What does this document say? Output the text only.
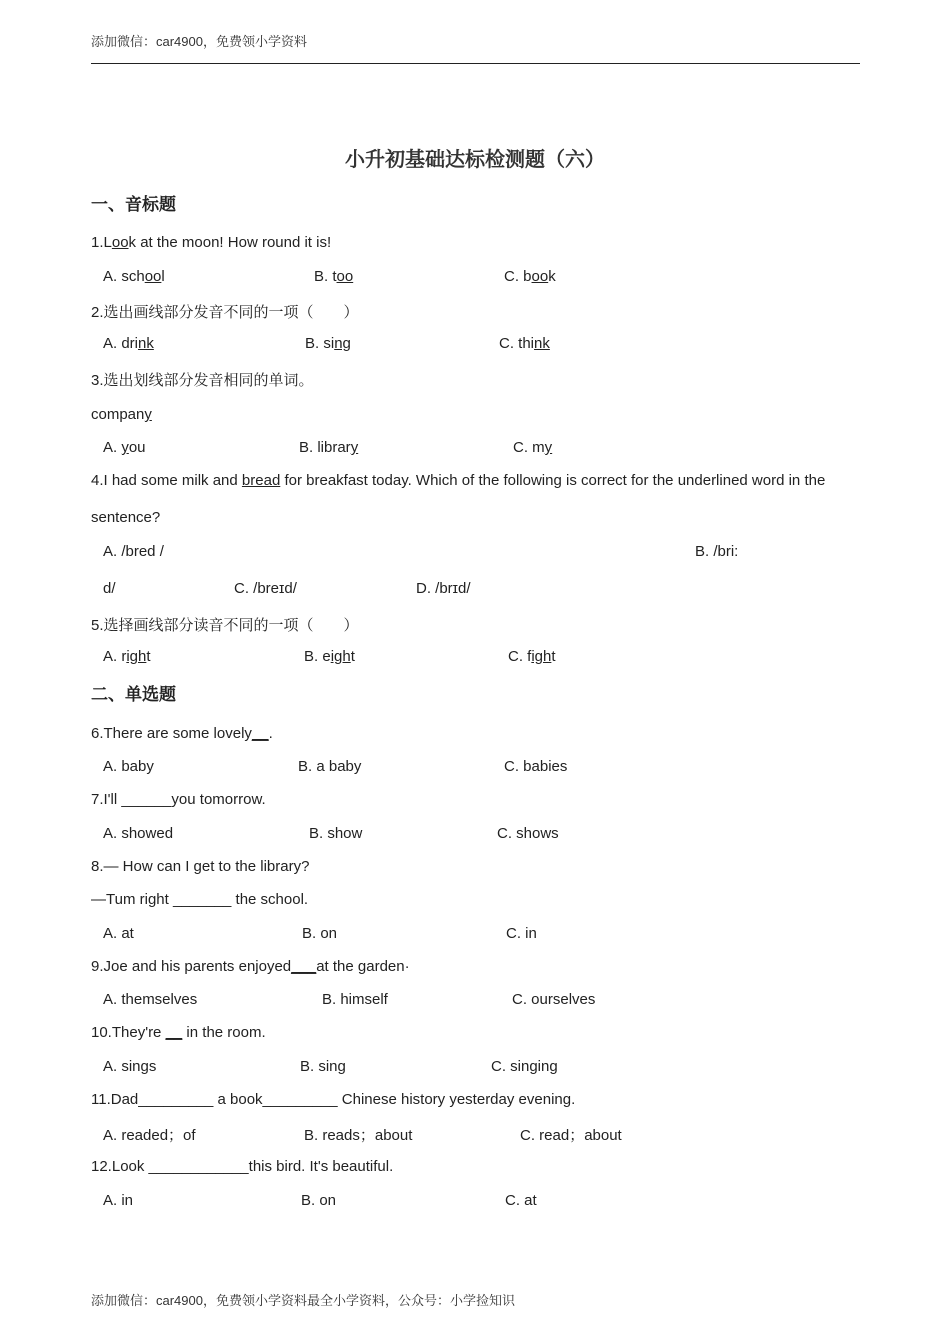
添加微信：car4900，免费领小学资料
小升初基础达标检测题（六）
一、音标题
1.Look at the moon! How round it is!
A. school	B. too	C. book
2.选出画线部分发音不同的一项（　　）
A. drink	B. sing	C. think
3.选出划线部分发音相同的单词。
company
A. you	B. library	C. my
4.I had some milk and bread for breakfast today. Which of the following is correct for the underlined word in the
sentence?
A. /bred /	B. /bri:
d/	C. /breɪd/	D. /brɪd/
5.选择画线部分读音不同的一项（　　）
A. right	B. eight	C. fight
二、单选题
6.There are some lovely__.
A. baby	B. a baby	C. babies
7.I'll ______you tomorrow.
A. showed	B. show	C. shows
8.— How can I get to the library?
—Tum right _______ the school.
A. at	B. on	C. in
9.Joe and his parents enjoyed___at the garden·
A. themselves	B. himself	C. ourselves
10.They're __ in the room.
A. sings	B. sing	C. singing
11.Dad_________ a book_________ Chinese history yesterday evening.
A. readed；of	B. reads；about	C. read；about
12.Look ____________this bird. It's beautiful.
A. in	B. on	C. at
添加微信：car4900，免费领小学资料最全小学资料，公众号：小学捡知识
